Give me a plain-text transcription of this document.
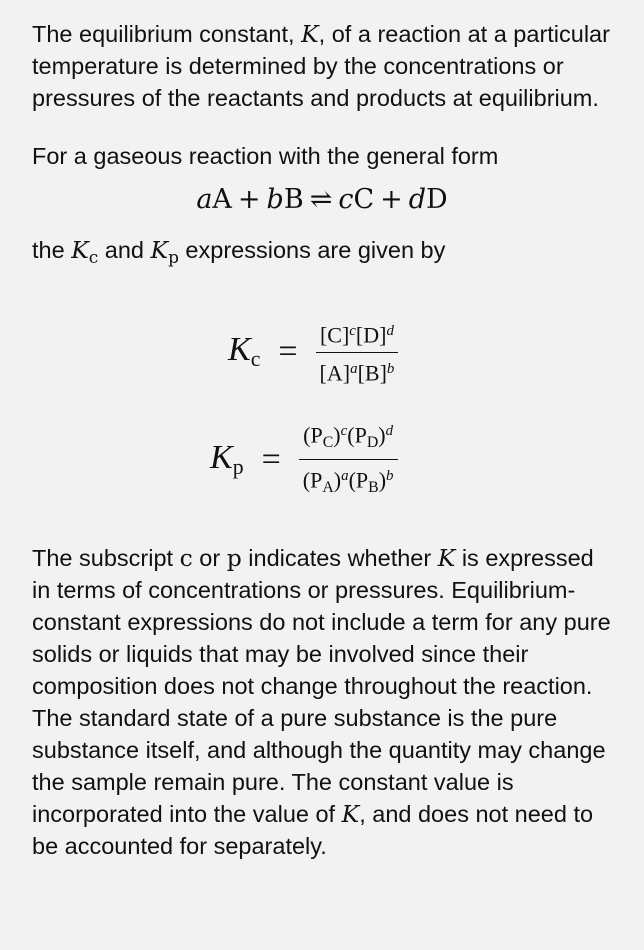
The equilibrium constant, K, of a reaction at a particular temperature is determined by the concentrations or pressures of the reactants and products at equilibrium.

For a gaseous reaction with the general form

aA + bB ⇌ cC + dD

the $K_c$ and $K_p$ expressions are given by

$K_c = \frac{[C]^c[D]^d}{[A]^a[B]^b}$
$K_p = \frac{(P_C)^c(P_D)^d}{(P_A)^a(P_B)^b}$

The subscript c or p indicates whether K is expressed in terms of concentrations or pressures. Equilibrium-constant expressions do not include a term for any pure solids or liquids that may be involved since their composition does not change throughout the reaction. The standard state of a pure substance is the pure substance itself, and although the quantity may change the sample remain pure. The constant value is incorporated into the value of K, and does not need to be accounted for separately.
